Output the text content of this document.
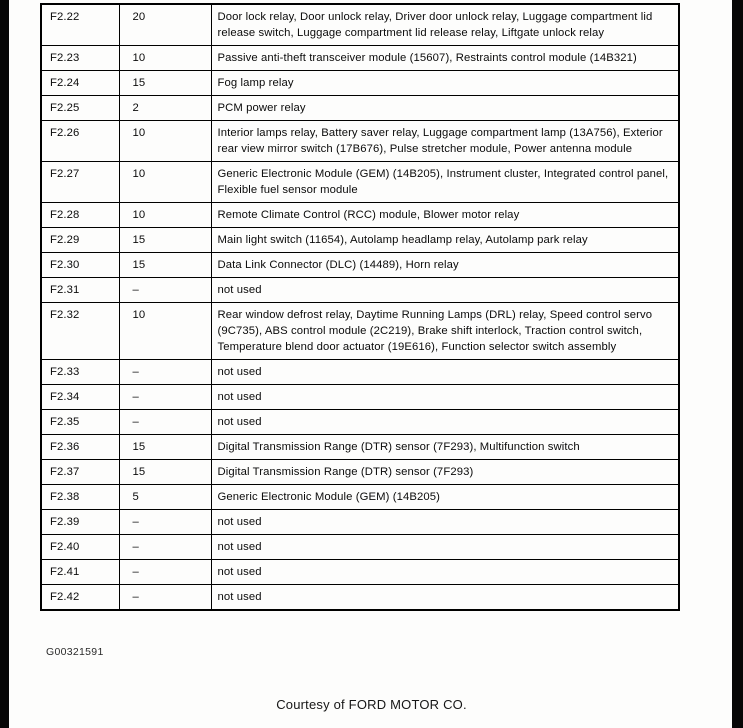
F2.22	20	Door lock relay, Door unlock relay, Driver door unlock relay, Luggage compartment lid release switch, Luggage compartment lid release relay, Liftgate unlock relay
F2.23	10	Passive anti-theft transceiver module (15607), Restraints control module (14B321)
F2.24	15	Fog lamp relay
F2.25	2	PCM power relay
F2.26	10	Interior lamps relay, Battery saver relay, Luggage compartment lamp (13A756), Exterior rear view mirror switch (17B676), Pulse stretcher module, Power antenna module
F2.27	10	Generic Electronic Module (GEM) (14B205), Instrument cluster, Integrated control panel, Flexible fuel sensor module
F2.28	10	Remote Climate Control (RCC) module, Blower motor relay
F2.29	15	Main light switch (11654), Autolamp headlamp relay, Autolamp park relay
F2.30	15	Data Link Connector (DLC) (14489), Horn relay
F2.31	–	not used
F2.32	10	Rear window defrost relay, Daytime Running Lamps (DRL) relay, Speed control servo (9C735), ABS control module (2C219), Brake shift interlock, Traction control switch, Temperature blend door actuator (19E616), Function selector switch assembly
F2.33	–	not used
F2.34	–	not used
F2.35	–	not used
F2.36	15	Digital Transmission Range (DTR) sensor (7F293), Multifunction switch
F2.37	15	Digital Transmission Range (DTR) sensor (7F293)
F2.38	5	Generic Electronic Module (GEM) (14B205)
F2.39	–	not used
F2.40	–	not used
F2.41	–	not used
F2.42	–	not used
G00321591
Courtesy of FORD MOTOR CO.
